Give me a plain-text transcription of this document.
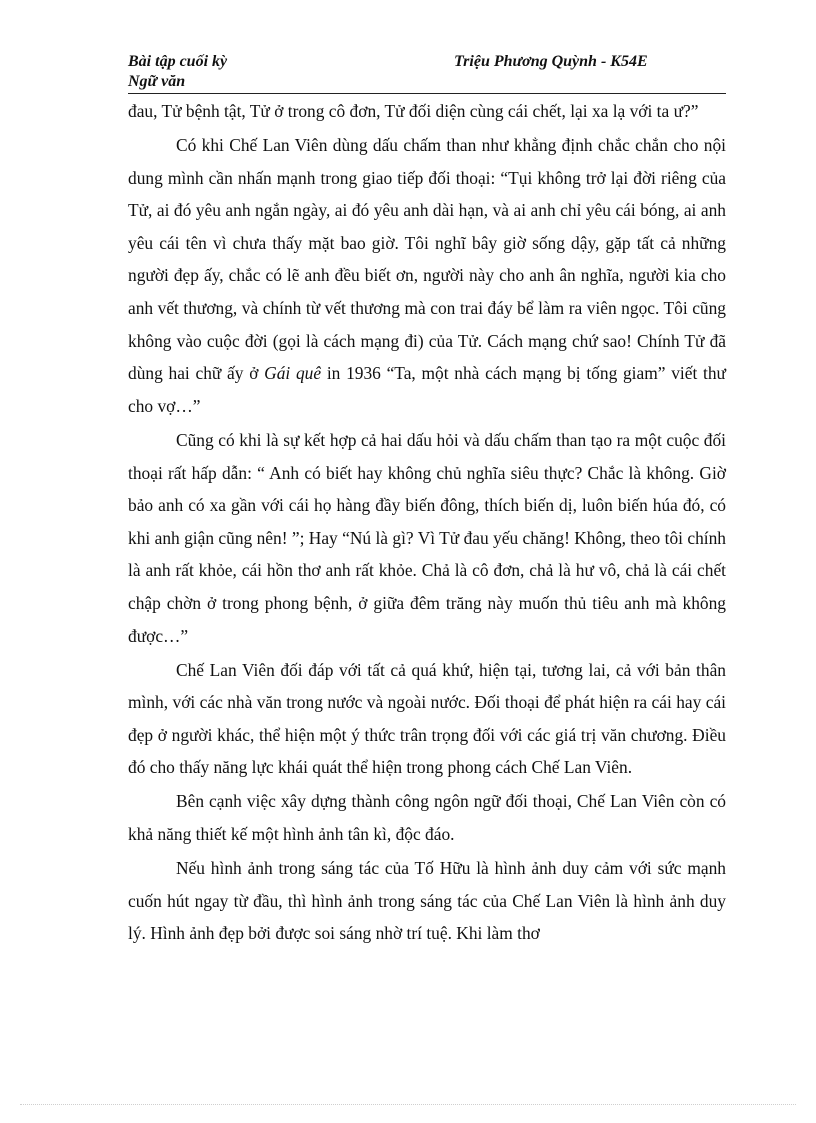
Bài tập cuối kỳ
Ngữ văn
Triệu Phương Quỳnh - K54E

đau, Tử bệnh tật, Tử ở trong cô đơn, Tử đối diện cùng cái chết, lại xa lạ với ta ư?”

Có khi Chế Lan Viên dùng dấu chấm than như khẳng định chắc chắn cho nội dung mình cần nhấn mạnh trong giao tiếp đối thoại: “Tụi không trở lại đời riêng của Tử, ai đó yêu anh ngắn ngày, ai đó yêu anh dài hạn, và ai anh chỉ yêu cái bóng, ai anh yêu cái tên vì chưa thấy mặt bao giờ. Tôi nghĩ bây giờ sống dậy, gặp tất cả những người đẹp ấy, chắc có lẽ anh đều biết ơn, người này cho anh ân nghĩa, người kia cho anh vết thương, và chính từ vết thương mà con trai đáy bể làm ra viên ngọc. Tôi cũng không vào cuộc đời (gọi là cách mạng đi) của Tử. Cách mạng chứ sao! Chính Tử đã dùng hai chữ ấy ở Gái quê in 1936 “Ta, một nhà cách mạng bị tống giam” viết thư cho vợ…”

Cũng có khi là sự kết hợp cả hai dấu hỏi và dấu chấm than tạo ra một cuộc đối thoại rất hấp dẫn: “ Anh có biết hay không chủ nghĩa siêu thực? Chắc là không. Giờ bảo anh có xa gần với cái họ hàng đầy biến đông, thích biến dị, luôn biến húa đó, có khi anh giận cũng nên! ”; Hay “Nú là gì? Vì Tử đau yếu chăng! Không, theo tôi chính là anh rất khỏe, cái hồn thơ anh rất khỏe. Chả là cô đơn, chả là hư vô, chả là cái chết chập chờn ở trong phong bệnh, ở giữa đêm trăng này muốn thủ tiêu anh mà không được…”

Chế Lan Viên đối đáp với tất cả quá khứ, hiện tại, tương lai, cả với bản thân mình, với các nhà văn trong nước và ngoài nước. Đối thoại để phát hiện ra cái hay cái đẹp ở người khác, thể hiện một ý thức trân trọng đối với các giá trị văn chương. Điều đó cho thấy năng lực khái quát thể hiện trong phong cách Chế Lan Viên.

Bên cạnh việc xây dựng thành công ngôn ngữ đối thoại, Chế Lan Viên còn có khả năng thiết kế một hình ảnh tân kì, độc đáo.

Nếu hình ảnh trong sáng tác của Tố Hữu là hình ảnh duy cảm với sức mạnh cuốn hút ngay từ đầu, thì hình ảnh trong sáng tác của Chế Lan Viên là hình ảnh duy lý. Hình ảnh đẹp bởi được soi sáng nhờ trí tuệ. Khi làm thơ
